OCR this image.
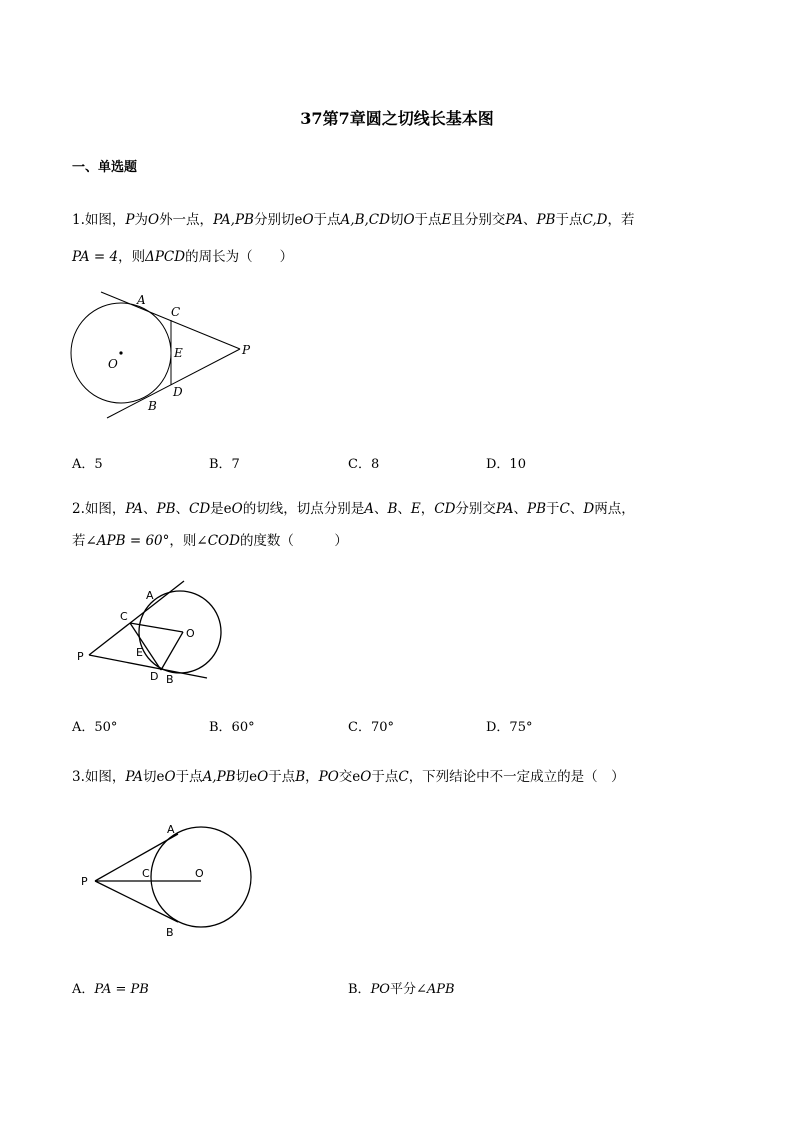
37第7章圆之切线长基本图
一、单选题
1.如图，P为O外一点，PA,PB分别切eO于点A,B,CD切O于点E且分别交PA、PB于点C,D，若
PA = 4，则ΔPCD的周长为（　　）
A
C
E
O
P
D
B
A．5	B．7	C．8	D．10
2.如图，PA、PB、CD是eO的切线，切点分别是A、B、E，CD分别交PA、PB于C、D两点，
若∠APB = 60°，则∠COD的度数（　　　）
A
C
O
P	E
D B
A．50°	B．60°	C．70°	D．75°
3.如图，PA切eO于点A,PB切eO于点B，PO交eO于点C，下列结论中不一定成立的是（　）
A
P
C	O
B
A．PA = PB	B．PO平分∠APB
